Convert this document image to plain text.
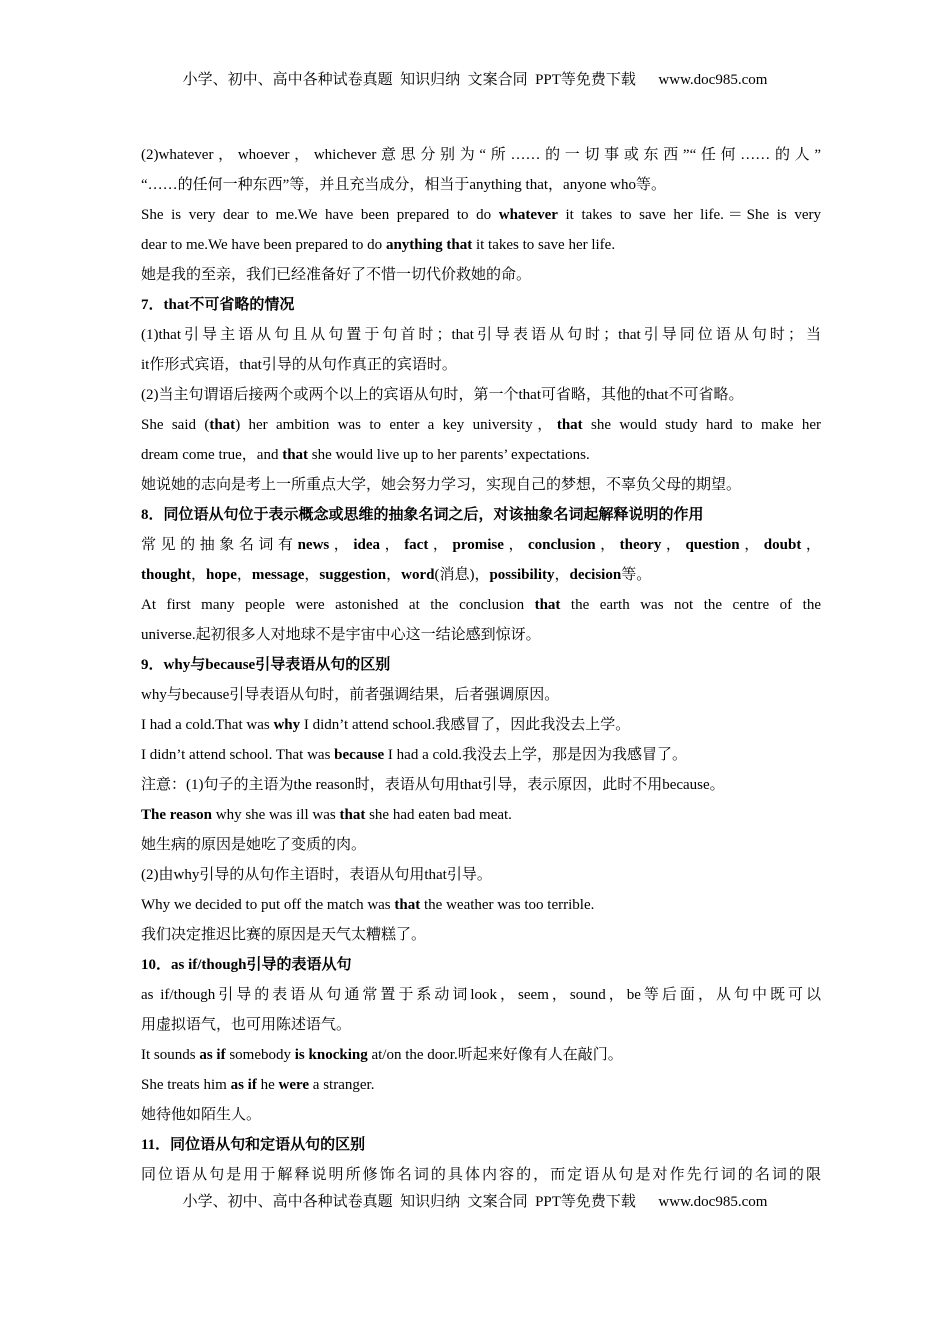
小学、初中、高中各种试卷真题  知识归纳  文案合同  PPT等免费下载      www.doc985.com
(2)whatever，whoever，whichever意思分别为“所……的一切事或东西”“任何……的人”
“……的任何一种东西”等，并且充当成分，相当于anything that，anyone who等。
She is very dear to me.We have been prepared to do whatever it takes to save her life.＝She is very
dear to me.We have been prepared to do anything that it takes to save her life.
她是我的至亲，我们已经准备好了不惜一切代价救她的命。
7．that不可省略的情况
(1)that引导主语从句且从句置于句首时；that引导表语从句时；that引导同位语从句时；当
it作形式宾语，that引导的从句作真正的宾语时。
(2)当主句谓语后接两个或两个以上的宾语从句时，第一个that可省略，其他的that不可省略。
She said (that) her ambition was to enter a key university，that she would study hard to make her
dream come true，and that she would live up to her parents’ expectations.
她说她的志向是考上一所重点大学，她会努力学习，实现自己的梦想，不辜负父母的期望。
8．同位语从句位于表示概念或思维的抽象名词之后，对该抽象名词起解释说明的作用
常见的抽象名词有news，idea，fact，promise，conclusion，theory，question，doubt，
thought，hope，message，suggestion，word(消息)，possibility，decision等。
At first many people were astonished at the conclusion that the earth was not the centre of the
universe.起初很多人对地球不是宇宙中心这一结论感到惊讶。
9．why与because引导表语从句的区别
why与because引导表语从句时，前者强调结果，后者强调原因。
I had a cold.That was why I didn’t attend school.我感冒了，因此我没去上学。
I didn’t attend school. That was because I had a cold.我没去上学，那是因为我感冒了。
注意：(1)句子的主语为the reason时，表语从句用that引导，表示原因，此时不用because。
The reason why she was ill was that she had eaten bad meat.
她生病的原因是她吃了变质的肉。
(2)由why引导的从句作主语时，表语从句用that引导。
Why we decided to put off the match was that the weather was too terrible.
我们决定推迟比赛的原因是天气太糟糕了。
10．as if/though引导的表语从句
as if/though引导的表语从句通常置于系动词look，seem，sound，be等后面，从句中既可以
用虚拟语气，也可用陈述语气。
It sounds as if somebody is knocking at/on the door.听起来好像有人在敲门。
She treats him as if he were a stranger.
她待他如陌生人。
11．同位语从句和定语从句的区别
同位语从句是用于解释说明所修饰名词的具体内容的，而定语从句是对作先行词的名词的限
小学、初中、高中各种试卷真题  知识归纳  文案合同  PPT等免费下载      www.doc985.com
